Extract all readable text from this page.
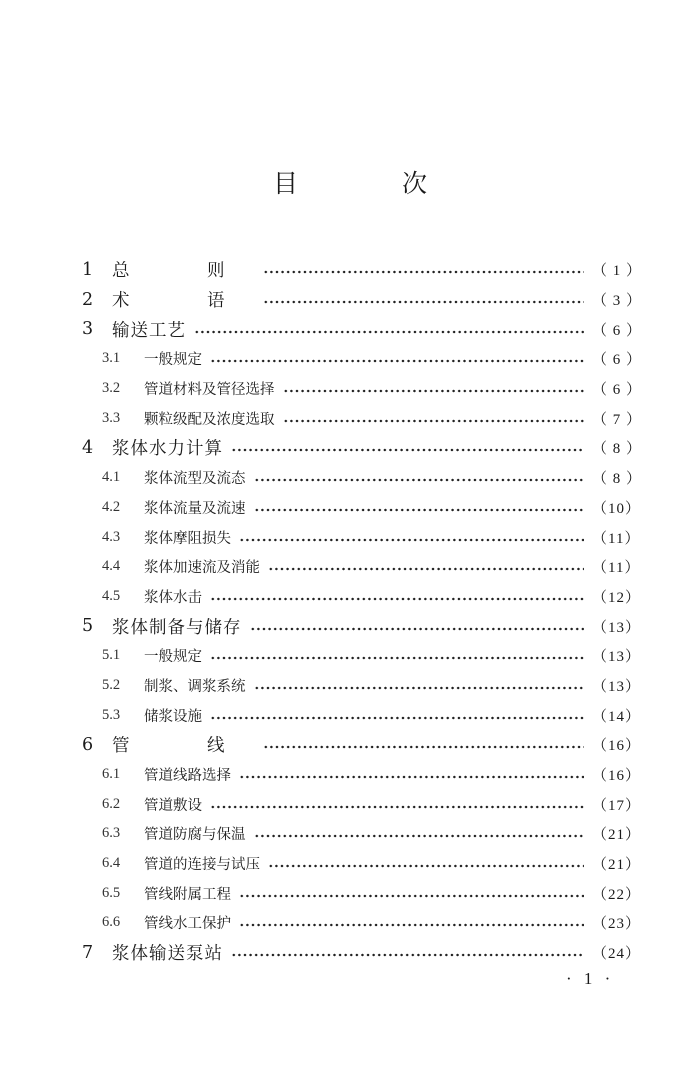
目 次
1	总　则	（ 1 ）
2	术　语	（ 3 ）
3	输送工艺	（ 6 ）
3.1	一般规定	（ 6 ）
3.2	管道材料及管径选择	（ 6 ）
3.3	颗粒级配及浓度选取	（ 7 ）
4	浆体水力计算	（ 8 ）
4.1	浆体流型及流态	（ 8 ）
4.2	浆体流量及流速	（10）
4.3	浆体摩阻损失	（11）
4.4	浆体加速流及消能	（11）
4.5	浆体水击	（12）
5	浆体制备与储存	（13）
5.1	一般规定	（13）
5.2	制浆、调浆系统	（13）
5.3	储浆设施	（14）
6	管　线	（16）
6.1	管道线路选择	（16）
6.2	管道敷设	（17）
6.3	管道防腐与保温	（21）
6.4	管道的连接与试压	（21）
6.5	管线附属工程	（22）
6.6	管线水工保护	（23）
7	浆体输送泵站	（24）
· 1 ·
